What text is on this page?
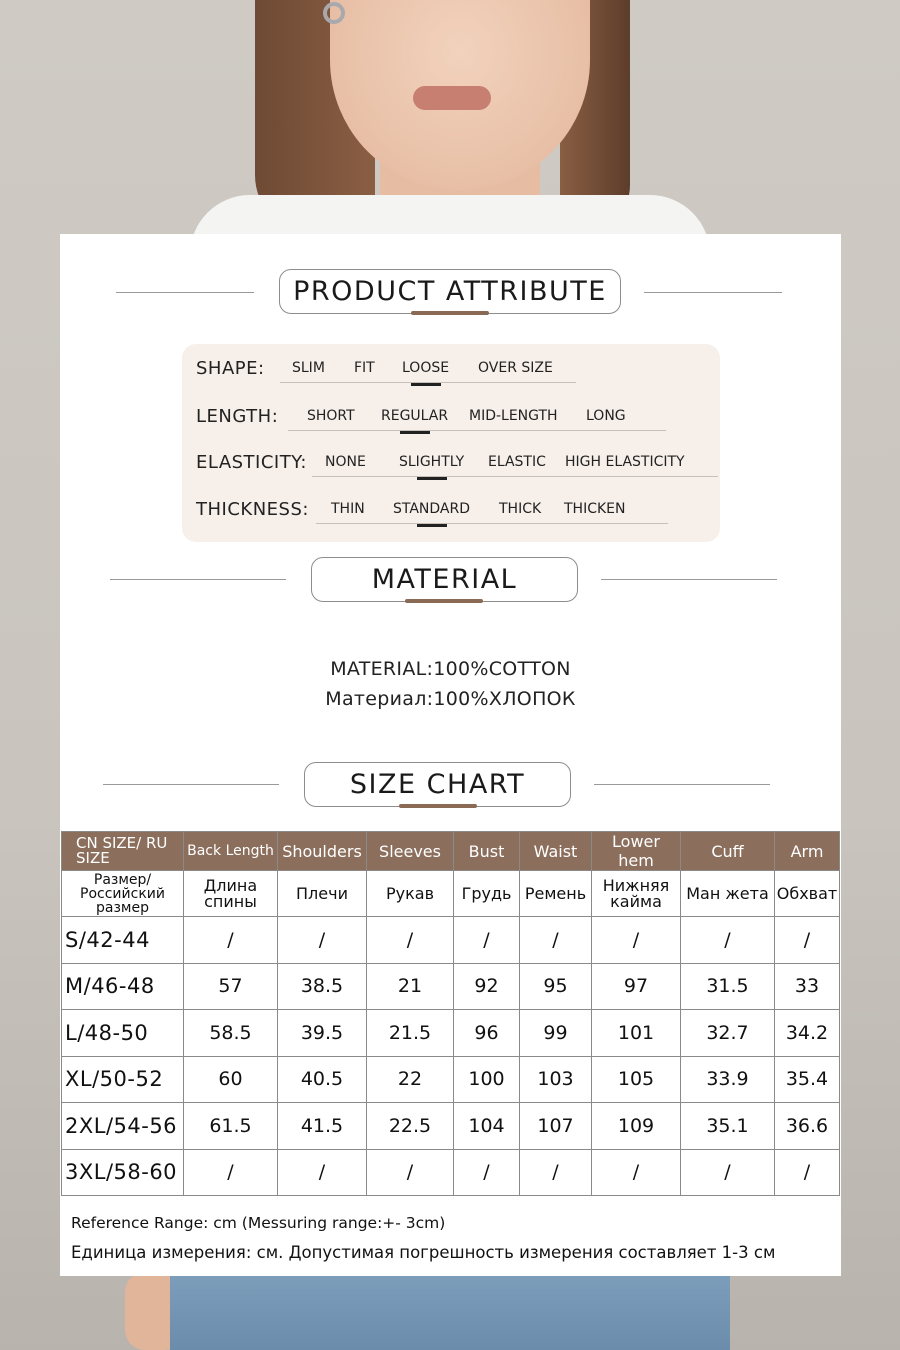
PRODUCT ATTRIBUTE
SHAPE: SLIM FIT LOOSE OVER SIZE
LENGTH: SHORT REGULAR MID-LENGTH LONG
ELASTICITY: NONE SLIGHTLY ELASTIC HIGH ELASTICITY
THICKNESS: THIN STANDARD THICK THICKEN
MATERIAL
MATERIAL:100%COTTON
Материал:100%ХЛОПОК
SIZE CHART
CN SIZE/ RU SIZE	Back Length	Shoulders	Sleeves	Bust	Waist	Lower hem	Cuff	Arm
Размер/ Российский размер	Длина спины	Плечи	Рукав	Грудь	Ремень	Нижняя кайма	Ман жета	Обхват
S/42-44	/	/	/	/	/	/	/	/
M/46-48	57	38.5	21	92	95	97	31.5	33
L/48-50	58.5	39.5	21.5	96	99	101	32.7	34.2
XL/50-52	60	40.5	22	100	103	105	33.9	35.4
2XL/54-56	61.5	41.5	22.5	104	107	109	35.1	36.6
3XL/58-60	/	/	/	/	/	/	/	/
Reference Range: cm (Messuring range:+- 3cm)
Единица измерения: см. Допустимая погрешность измерения составляет 1-3 см
